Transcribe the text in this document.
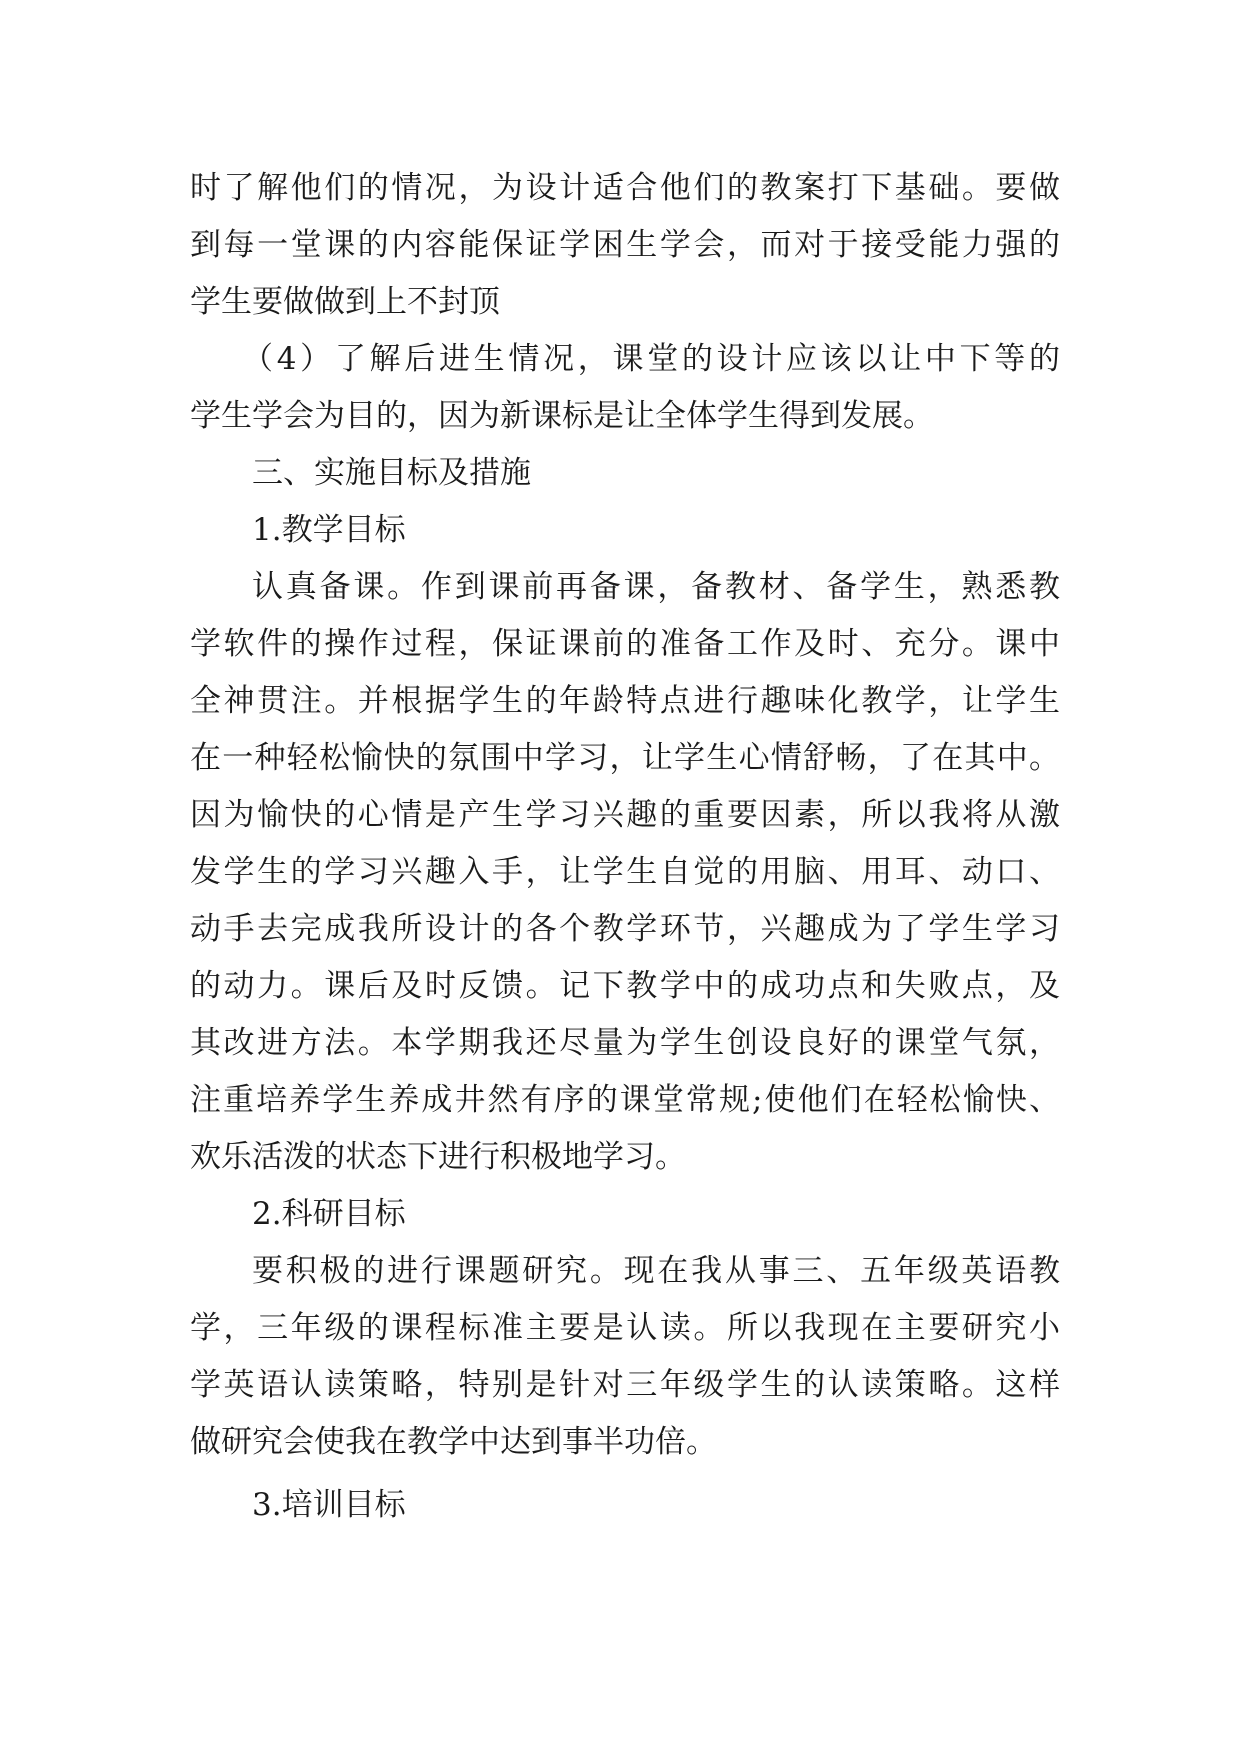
时了解他们的情况，为设计适合他们的教案打下基础。要做
到每一堂课的内容能保证学困生学会，而对于接受能力强的
学生要做做到上不封顶
（4）了解后进生情况，课堂的设计应该以让中下等的
学生学会为目的，因为新课标是让全体学生得到发展。
三、实施目标及措施
1.教学目标
认真备课。作到课前再备课，备教材、备学生，熟悉教
学软件的操作过程，保证课前的准备工作及时、充分。课中
全神贯注。并根据学生的年龄特点进行趣味化教学，让学生
在一种轻松愉快的氛围中学习，让学生心情舒畅，了在其中。
因为愉快的心情是产生学习兴趣的重要因素，所以我将从激
发学生的学习兴趣入手，让学生自觉的用脑、用耳、动口、
动手去完成我所设计的各个教学环节，兴趣成为了学生学习
的动力。课后及时反馈。记下教学中的成功点和失败点，及
其改进方法。本学期我还尽量为学生创设良好的课堂气氛，
注重培养学生养成井然有序的课堂常规;使他们在轻松愉快、
欢乐活泼的状态下进行积极地学习。
2.科研目标
要积极的进行课题研究。现在我从事三、五年级英语教
学，三年级的课程标准主要是认读。所以我现在主要研究小
学英语认读策略，特别是针对三年级学生的认读策略。这样
做研究会使我在教学中达到事半功倍。
3.培训目标
